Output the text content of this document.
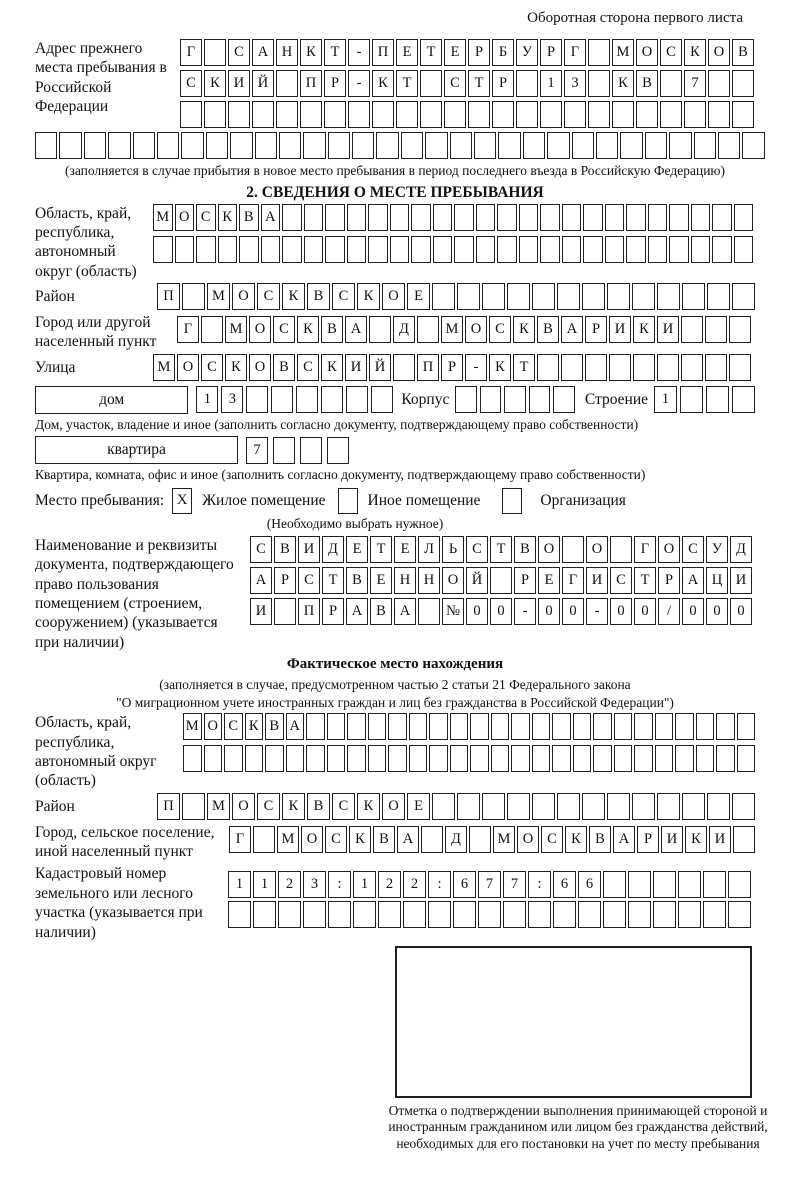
Оборотная сторона первого листа
Адрес прежнего места пребывания в Российской Федерации
Г	С А Н К	Т	-	П Е	Т	Е	Р	Б	У	Р	Г	М О С К О В
С К И Й	П	Р	-	К	Т	С	Т	Р	1	3	К В	7
(заполняется в случае прибытия в новое место пребывания в период последнего въезда в Российскую Федерацию)
2. СВЕДЕНИЯ О МЕСТЕ ПРЕБЫВАНИЯ
Область, край, республика, автономный округ (область)
М О С К В А
Район	П	М О	С	К	В	С	К	О	Е
Город или другой населенный пункт
Г	М О С К В А	Д	М О С К В А	Р	И К И
Улица	М О С К О В С К И Й	П	Р	-	К	Т
дом	1	3	Корпус	Строение 1
Дом, участок, владение и иное (заполнить согласно документу, подтверждающему право собственности)
квартира	7
Квартира, комната, офис и иное (заполнить согласно документу, подтверждающему право собственности)
Место пребывания: X Жилое помещение	Иное помещение	Организация
(Необходимо выбрать нужное)
Наименование и реквизиты документа, подтверждающего право пользования помещением (строением, сооружением) (указывается при наличии)
С В И Д	Е	Т	Е	Л	Ь	С	Т	В О	О	Г	О С У Д
А	Р	С	Т	В	Е Н Н О Й	Р	Е	Г	И С	Т	Р	А Ц И
И	П	Р	А В А	№ 0	0	-	0	0	-	0	0	/	0	0	0
Фактическое место нахождения
(заполняется в случае, предусмотренном частью 2 статьи 21 Федерального закона
"О миграционном учете иностранных граждан и лиц без гражданства в Российской Федерации")
Область, край, республика, автономный округ (область)
М О С К В А
Район	П	М О	С	К	В	С	К	О	Е
Город, сельское поселение, иной населенный пункт
Г	М О С К В А	Д	М О С К В А	Р	И К И
Кадастровый номер земельного или лесного участка (указывается при наличии)
1	1	2	3	:	1	2	2	:	6	7	7	:	6	6
Отметка о подтверждении выполнения принимающей стороной и иностранным гражданином или лицом без гражданства действий, необходимых для его постановки на учет по месту пребывания
